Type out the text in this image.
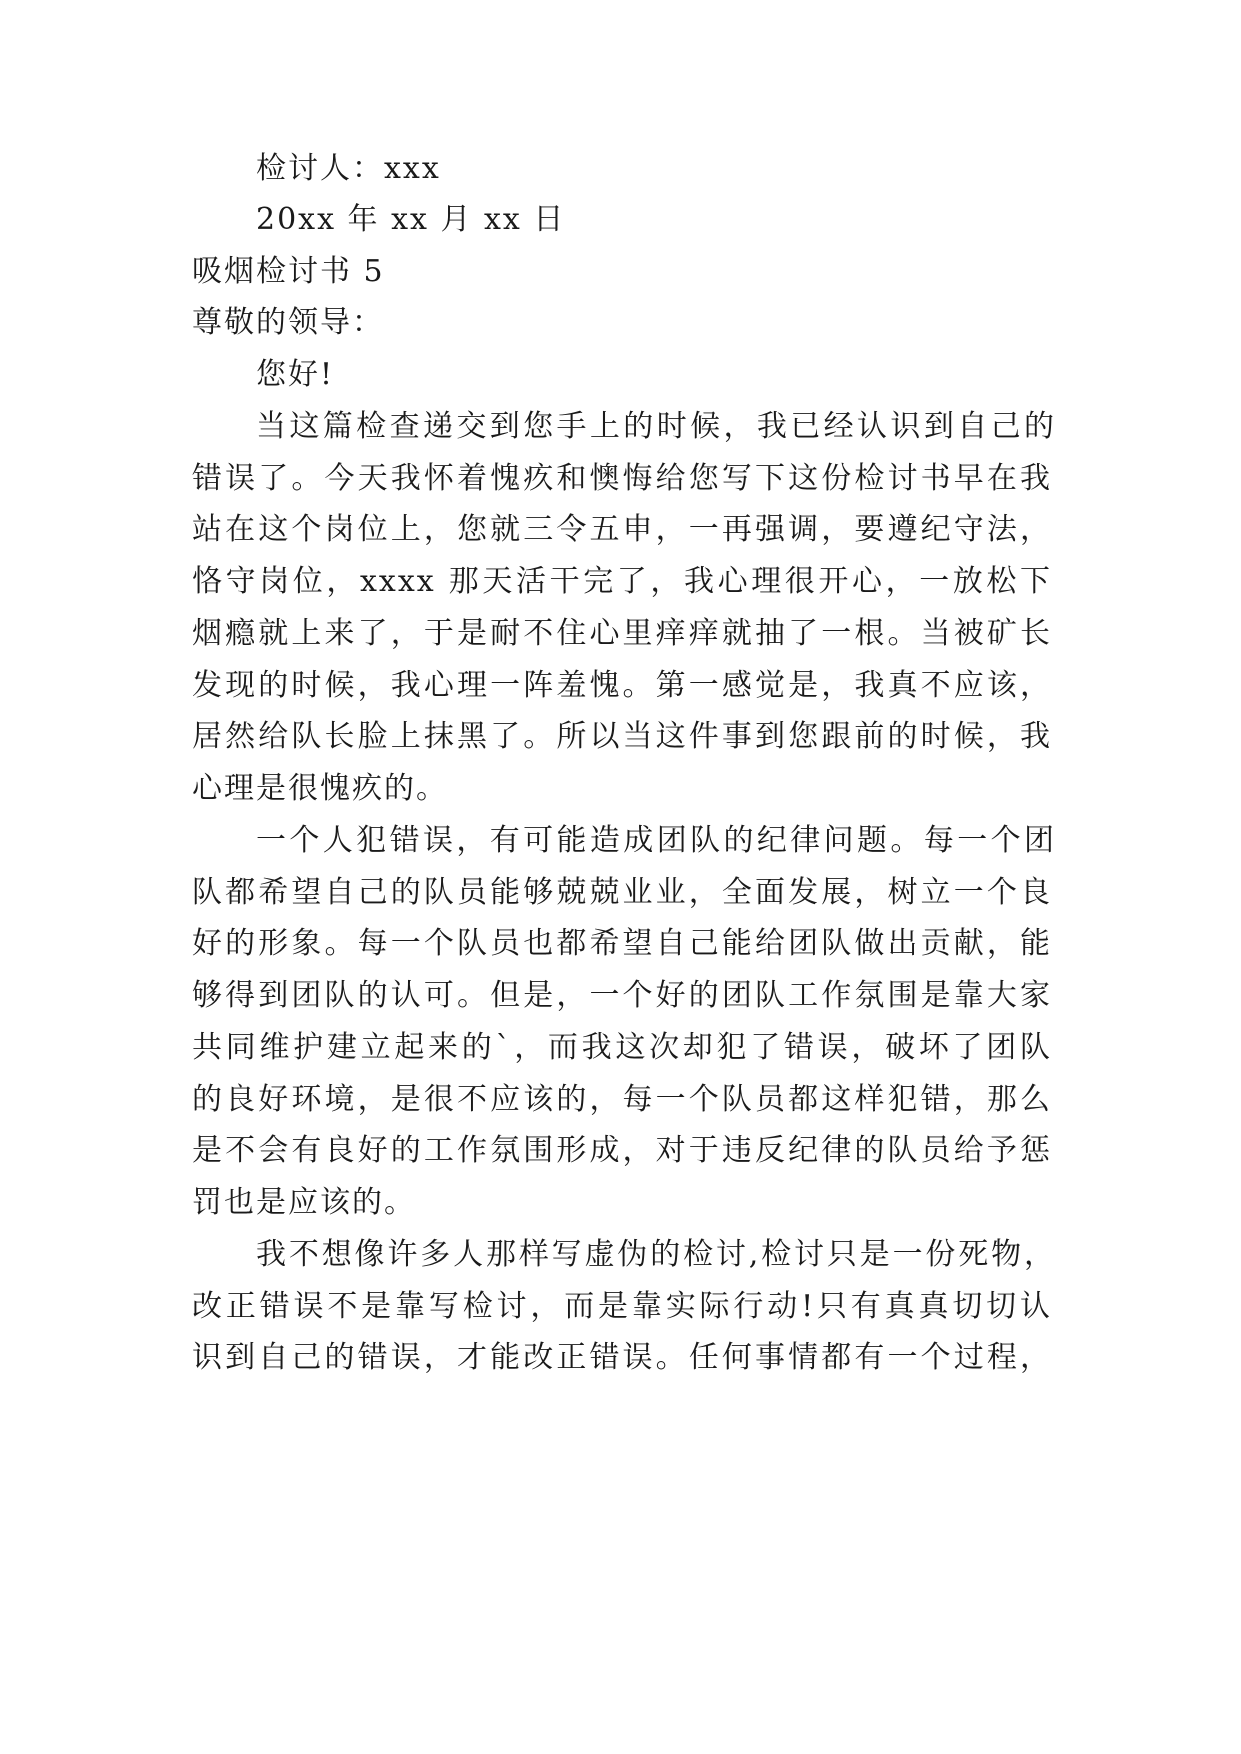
检讨人：xxx
20xx 年 xx 月 xx 日
吸烟检讨书 5
尊敬的领导：
您好!
当这篇检查递交到您手上的时候，我已经认识到自己的
错误了。今天我怀着愧疚和懊悔给您写下这份检讨书早在我
站在这个岗位上，您就三令五申，一再强调，要遵纪守法，
恪守岗位，xxxx 那天活干完了，我心理很开心，一放松下
烟瘾就上来了，于是耐不住心里痒痒就抽了一根。当被矿长
发现的时候，我心理一阵羞愧。第一感觉是，我真不应该，
居然给队长脸上抹黑了。所以当这件事到您跟前的时候，我
心理是很愧疚的。
一个人犯错误，有可能造成团队的纪律问题。每一个团
队都希望自己的队员能够兢兢业业，全面发展，树立一个良
好的形象。每一个队员也都希望自己能给团队做出贡献，能
够得到团队的认可。但是，一个好的团队工作氛围是靠大家
共同维护建立起来的`，而我这次却犯了错误，破坏了团队
的良好环境，是很不应该的，每一个队员都这样犯错，那么
是不会有良好的工作氛围形成，对于违反纪律的队员给予惩
罚也是应该的。
我不想像许多人那样写虚伪的检讨,检讨只是一份死物，
改正错误不是靠写检讨，而是靠实际行动!只有真真切切认
识到自己的错误，才能改正错误。任何事情都有一个过程，
